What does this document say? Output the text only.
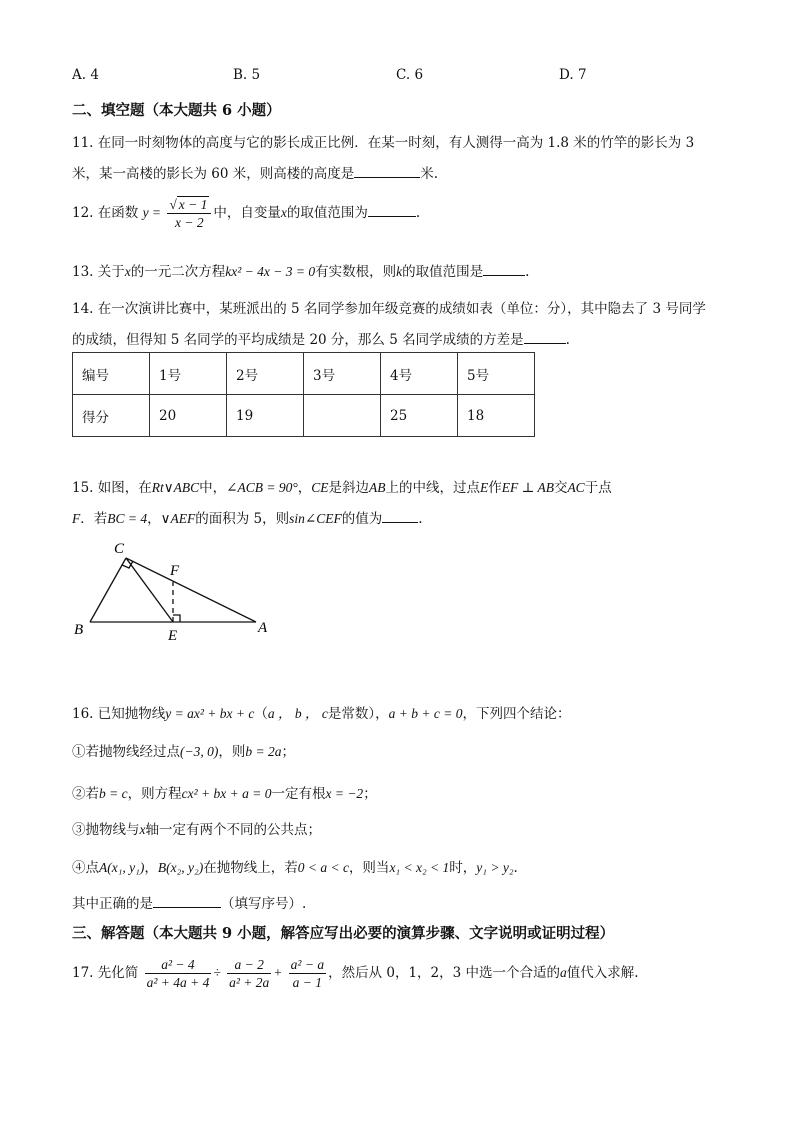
A. 4	B. 5	C. 6	D. 7
二、填空题（本大题共 6 小题）
11. 在同一时刻物体的高度与它的影长成正比例．在某一时刻，有人测得一高为 1.8 米的竹竿的影长为 3
米，某一高楼的影长为 60 米，则高楼的高度是	米.
12. 在函数 $y = \frac{√ x - 1}{x - 2}$ 中，自变量x的取值范围为	.
13. 关于x的一元二次方程kx² − 4x − 3 = 0有实数根，则k的取值范围是	.
14. 在一次演讲比赛中，某班派出的 5 名同学参加年级竞赛的成绩如表（单位：分），其中隐去了 3 号同学
的成绩，但得知 5 名同学的平均成绩是 20 分，那么 5 名同学成绩的方差是	.
编号	1号	2号	3号	4号	5号
得分	20	19		25	18
15. 如图，在Rt∨ABC中，∠ACB = 90°，CE是斜边AB上的中线，过点E作EF ⊥ AB交AC于点
F．若BC = 4，∨AEF的面积为 5，则sin∠CEF的值为	.
C
F
B	E	A
16. 已知抛物线y = ax² + bx + c（a ， b ， c是常数），a + b + c = 0，下列四个结论：
①若抛物线经过点(−3, 0)，则b = 2a；
②若b = c，则方程cx² + bx + a = 0一定有根x = −2；
③抛物线与x轴一定有两个不同的公共点；
④点A(x₁, y₁)，B(x₂, y₂)在抛物线上，若0 < a < c，则当x₁ < x₂ < 1时，y₁ > y₂.
其中正确的是	（填写序号）.
三、解答题（本大题共 9 小题，解答应写出必要的演算步骤、文字说明或证明过程）
17. 先化简 $\frac{\text{a² − 4}}{\text{a² + 4a + 4}} \div \frac{a - 2}{\text{a² + 2a}} + \frac{\text{a² − a}}{a - 1}$ ，然后从 0，1，2，3 中选一个合适的a值代入求解.
